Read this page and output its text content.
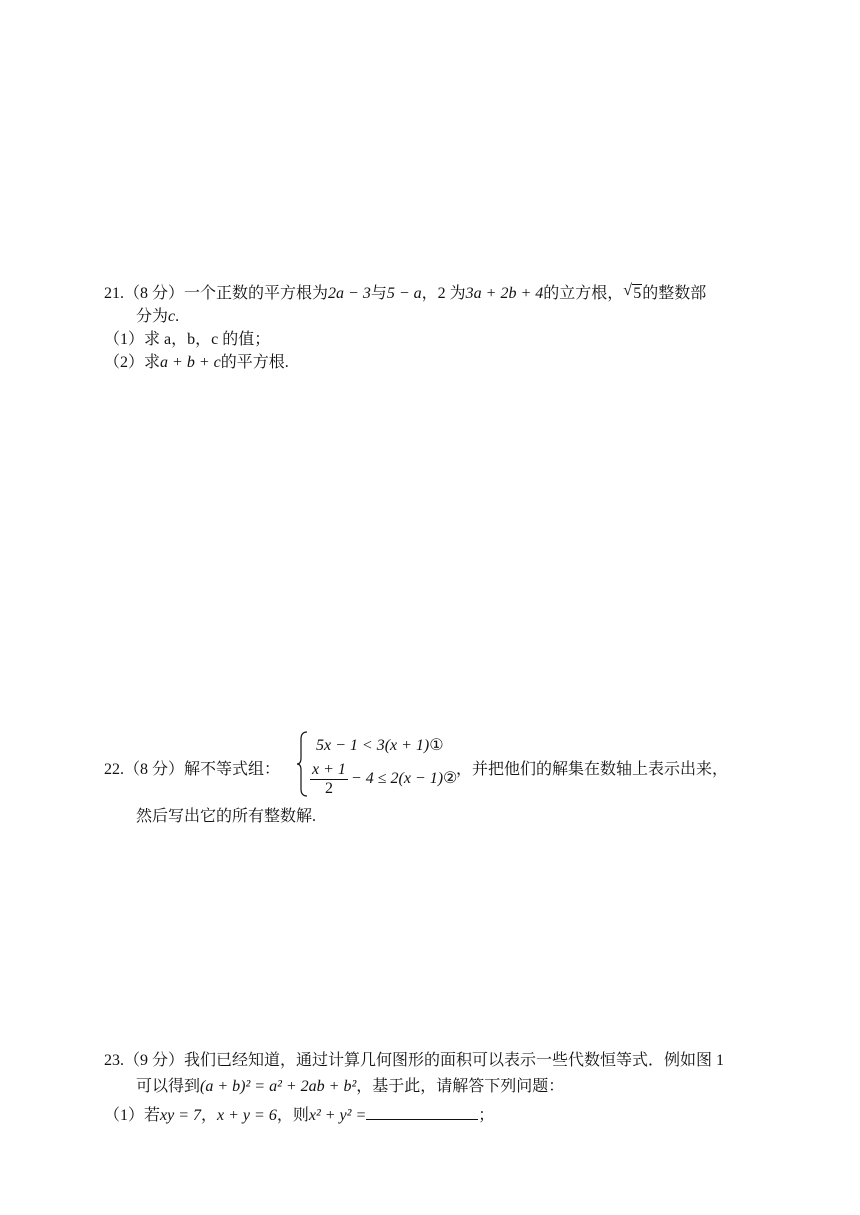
21.（8 分）一个正数的平方根为2a − 3与5 − a，2 为3a + 2b + 4的立方根， √ 5的整数部
分为c.
（1）求 a，b，c 的值；
（2）求a + b + c的平方根.
22.（8 分）解不等式组：
5x − 1 < 3(x + 1)①
$\frac{x + 1}{2} - 4 \le 2(x$ − 1)②
，并把他们的解集在数轴上表示出来，
然后写出它的所有整数解.
23.（9 分）我们已经知道，通过计算几何图形的面积可以表示一些代数恒等式．例如图 1
可以得到(a + b)² = a² + 2ab + b²，基于此，请解答下列问题：
（1）若xy = 7，x + y = 6，则x² + y² =	；
